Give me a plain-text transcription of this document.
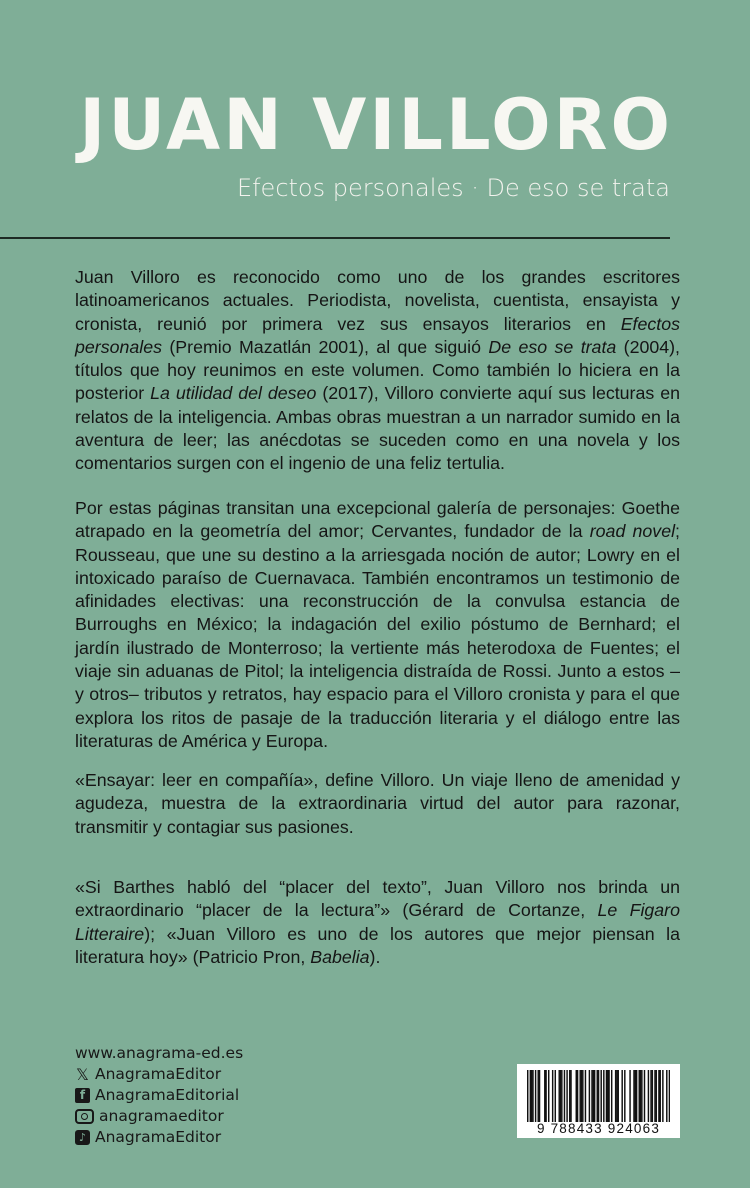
JUAN VILLORO

Efectos personales · De eso se trata

Juan Villoro es reconocido como uno de los grandes escritores latinoamericanos actuales. Periodista, novelista, cuentista, ensayista y cronista, reunió por primera vez sus ensayos literarios en Efectos personales (Premio Mazatlán 2001), al que siguió De eso se trata (2004), títulos que hoy reunimos en este volumen. Como también lo hiciera en la posterior La utilidad del deseo (2017), Villoro convierte aquí sus lecturas en relatos de la inteligencia. Ambas obras muestran a un narrador sumido en la aventura de leer; las anécdotas se suceden como en una novela y los comentarios surgen con el ingenio de una feliz tertulia.

Por estas páginas transitan una excepcional galería de personajes: Goethe atrapado en la geometría del amor; Cervantes, fundador de la road novel; Rousseau, que une su destino a la arriesgada noción de autor; Lowry en el intoxicado paraíso de Cuernavaca. También encontramos un testimonio de afinidades electivas: una reconstrucción de la convulsa estancia de Burroughs en México; la indagación del exilio póstumo de Bernhard; el jardín ilustrado de Monterroso; la vertiente más heterodoxa de Fuentes; el viaje sin aduanas de Pitol; la inteligencia distraída de Rossi. Junto a estos –y otros– tributos y retratos, hay espacio para el Villoro cronista y para el que explora los ritos de pasaje de la traducción literaria y el diálogo entre las literaturas de América y Europa.

«Ensayar: leer en compañía», define Villoro. Un viaje lleno de amenidad y agudeza, muestra de la extraordinaria virtud del autor para razonar, transmitir y contagiar sus pasiones.

«Si Barthes habló del “placer del texto”, Juan Villoro nos brinda un extraordinario “placer de la lectura”» (Gérard de Cortanze, Le Figaro Litteraire); «Juan Villoro es uno de los autores que mejor piensan la literatura hoy» (Patricio Pron, Babelia).

www.anagrama-ed.es
𝕏 AnagramaEditor
f AnagramaEditorial
anagramaeditor
♪ AnagramaEditor	9 788433 924063
